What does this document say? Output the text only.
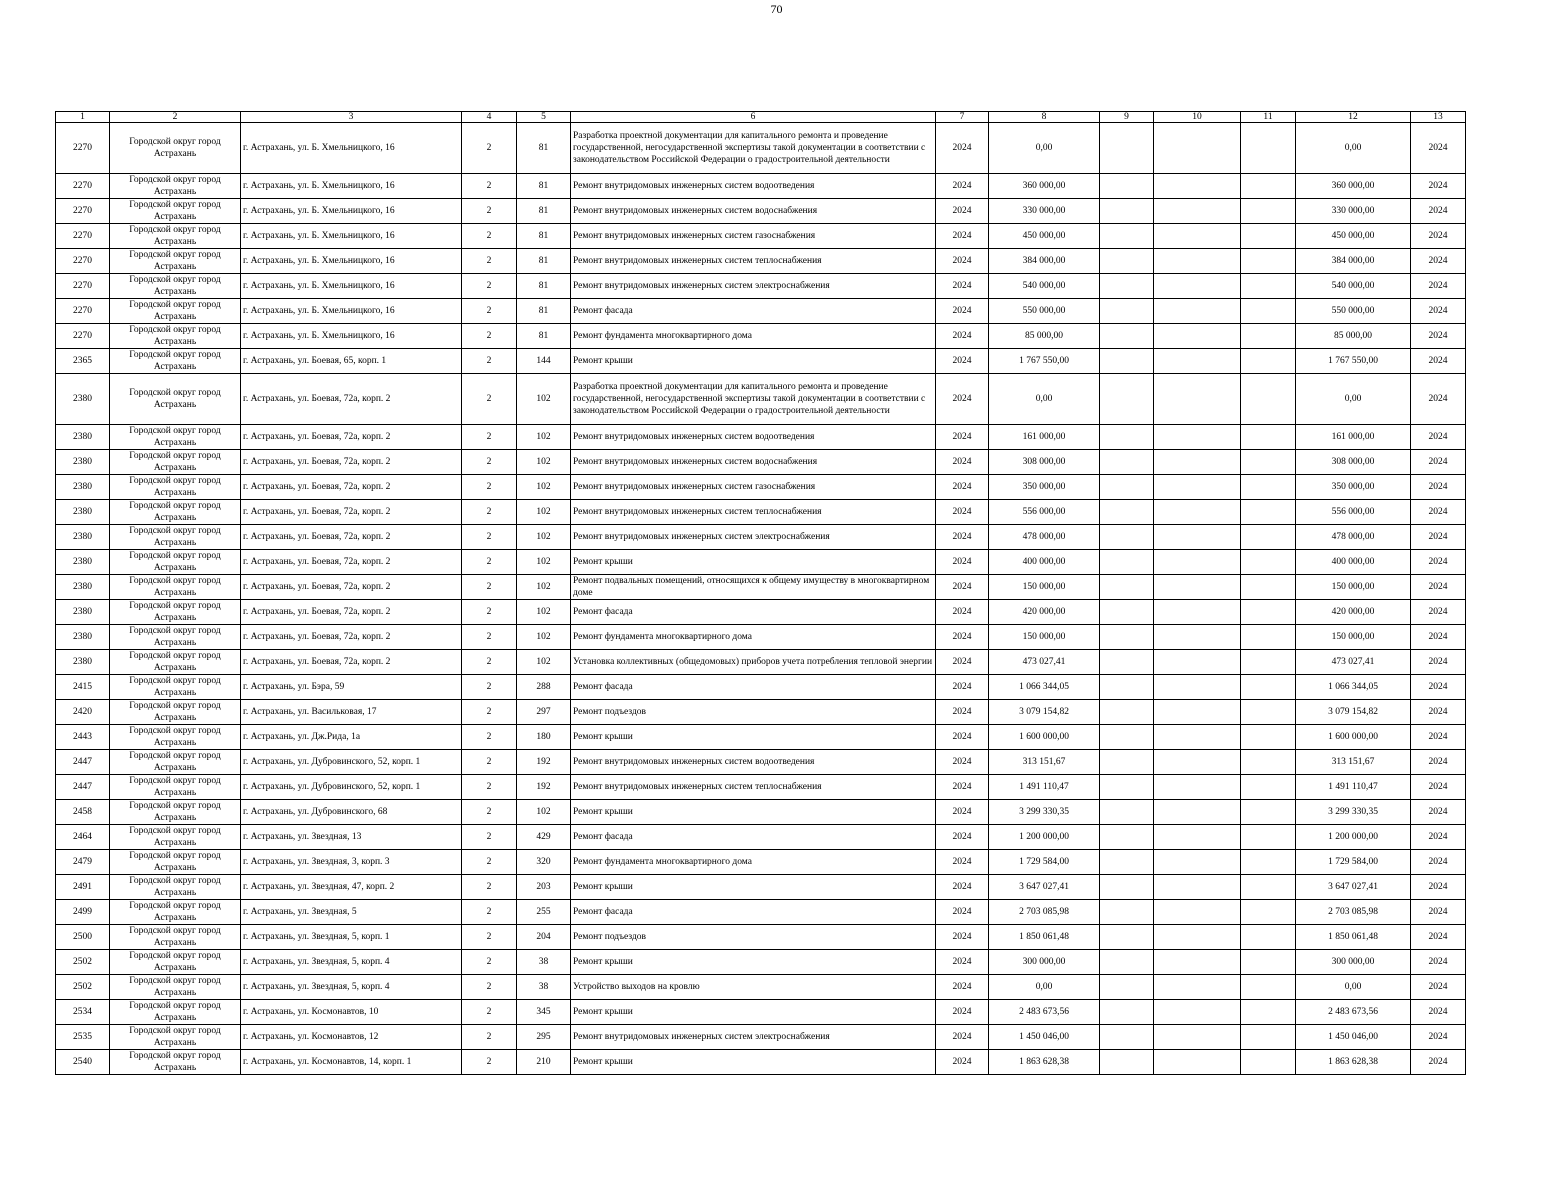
70
1	2	3	4	5	6	7	8	9	10	11	12	13
2270	Городской округ город Астрахань	г. Астрахань, ул. Б. Хмельницкого, 16	2	81	Разработка проектной документации для капитального ремонта и проведение государственной, негосударственной экспертизы такой документации в соответствии с законодательством Российской Федерации о градостроительной деятельности	2024	0,00				0,00	2024
2270	Городской округ город Астрахань	г. Астрахань, ул. Б. Хмельницкого, 16	2	81	Ремонт внутридомовых инженерных систем водоотведения	2024	360 000,00				360 000,00	2024
2270	Городской округ город Астрахань	г. Астрахань, ул. Б. Хмельницкого, 16	2	81	Ремонт внутридомовых инженерных систем водоснабжения	2024	330 000,00				330 000,00	2024
2270	Городской округ город Астрахань	г. Астрахань, ул. Б. Хмельницкого, 16	2	81	Ремонт внутридомовых инженерных систем газоснабжения	2024	450 000,00				450 000,00	2024
2270	Городской округ город Астрахань	г. Астрахань, ул. Б. Хмельницкого, 16	2	81	Ремонт внутридомовых инженерных систем теплоснабжения	2024	384 000,00				384 000,00	2024
2270	Городской округ город Астрахань	г. Астрахань, ул. Б. Хмельницкого, 16	2	81	Ремонт внутридомовых инженерных систем электроснабжения	2024	540 000,00				540 000,00	2024
2270	Городской округ город Астрахань	г. Астрахань, ул. Б. Хмельницкого, 16	2	81	Ремонт фасада	2024	550 000,00				550 000,00	2024
2270	Городской округ город Астрахань	г. Астрахань, ул. Б. Хмельницкого, 16	2	81	Ремонт фундамента многоквартирного дома	2024	85 000,00				85 000,00	2024
2365	Городской округ город Астрахань	г. Астрахань, ул. Боевая, 65, корп. 1	2	144	Ремонт крыши	2024	1 767 550,00				1 767 550,00	2024
2380	Городской округ город Астрахань	г. Астрахань, ул. Боевая, 72а, корп. 2	2	102	Разработка проектной документации для капитального ремонта и проведение государственной, негосударственной экспертизы такой документации в соответствии с законодательством Российской Федерации о градостроительной деятельности	2024	0,00				0,00	2024
2380	Городской округ город Астрахань	г. Астрахань, ул. Боевая, 72а, корп. 2	2	102	Ремонт внутридомовых инженерных систем водоотведения	2024	161 000,00				161 000,00	2024
2380	Городской округ город Астрахань	г. Астрахань, ул. Боевая, 72а, корп. 2	2	102	Ремонт внутридомовых инженерных систем водоснабжения	2024	308 000,00				308 000,00	2024
2380	Городской округ город Астрахань	г. Астрахань, ул. Боевая, 72а, корп. 2	2	102	Ремонт внутридомовых инженерных систем газоснабжения	2024	350 000,00				350 000,00	2024
2380	Городской округ город Астрахань	г. Астрахань, ул. Боевая, 72а, корп. 2	2	102	Ремонт внутридомовых инженерных систем теплоснабжения	2024	556 000,00				556 000,00	2024
2380	Городской округ город Астрахань	г. Астрахань, ул. Боевая, 72а, корп. 2	2	102	Ремонт внутридомовых инженерных систем электроснабжения	2024	478 000,00				478 000,00	2024
2380	Городской округ город Астрахань	г. Астрахань, ул. Боевая, 72а, корп. 2	2	102	Ремонт крыши	2024	400 000,00				400 000,00	2024
2380	Городской округ город Астрахань	г. Астрахань, ул. Боевая, 72а, корп. 2	2	102	Ремонт подвальных помещений, относящихся к общему имуществу в многоквартирном доме	2024	150 000,00				150 000,00	2024
2380	Городской округ город Астрахань	г. Астрахань, ул. Боевая, 72а, корп. 2	2	102	Ремонт фасада	2024	420 000,00				420 000,00	2024
2380	Городской округ город Астрахань	г. Астрахань, ул. Боевая, 72а, корп. 2	2	102	Ремонт фундамента многоквартирного дома	2024	150 000,00				150 000,00	2024
2380	Городской округ город Астрахань	г. Астрахань, ул. Боевая, 72а, корп. 2	2	102	Установка коллективных (общедомовых) приборов учета потребления тепловой энергии	2024	473 027,41				473 027,41	2024
2415	Городской округ город Астрахань	г. Астрахань, ул. Бэра, 59	2	288	Ремонт фасада	2024	1 066 344,05				1 066 344,05	2024
2420	Городской округ город Астрахань	г. Астрахань, ул. Васильковая, 17	2	297	Ремонт подъездов	2024	3 079 154,82				3 079 154,82	2024
2443	Городской округ город Астрахань	г. Астрахань, ул. Дж.Рида, 1а	2	180	Ремонт крыши	2024	1 600 000,00				1 600 000,00	2024
2447	Городской округ город Астрахань	г. Астрахань, ул. Дубровинского, 52, корп. 1	2	192	Ремонт внутридомовых инженерных систем водоотведения	2024	313 151,67				313 151,67	2024
2447	Городской округ город Астрахань	г. Астрахань, ул. Дубровинского, 52, корп. 1	2	192	Ремонт внутридомовых инженерных систем теплоснабжения	2024	1 491 110,47				1 491 110,47	2024
2458	Городской округ город Астрахань	г. Астрахань, ул. Дубровинского, 68	2	102	Ремонт крыши	2024	3 299 330,35				3 299 330,35	2024
2464	Городской округ город Астрахань	г. Астрахань, ул. Звездная, 13	2	429	Ремонт фасада	2024	1 200 000,00				1 200 000,00	2024
2479	Городской округ город Астрахань	г. Астрахань, ул. Звездная, 3, корп. 3	2	320	Ремонт фундамента многоквартирного дома	2024	1 729 584,00				1 729 584,00	2024
2491	Городской округ город Астрахань	г. Астрахань, ул. Звездная, 47, корп. 2	2	203	Ремонт крыши	2024	3 647 027,41				3 647 027,41	2024
2499	Городской округ город Астрахань	г. Астрахань, ул. Звездная, 5	2	255	Ремонт фасада	2024	2 703 085,98				2 703 085,98	2024
2500	Городской округ город Астрахань	г. Астрахань, ул. Звездная, 5, корп. 1	2	204	Ремонт подъездов	2024	1 850 061,48				1 850 061,48	2024
2502	Городской округ город Астрахань	г. Астрахань, ул. Звездная, 5, корп. 4	2	38	Ремонт крыши	2024	300 000,00				300 000,00	2024
2502	Городской округ город Астрахань	г. Астрахань, ул. Звездная, 5, корп. 4	2	38	Устройство выходов на кровлю	2024	0,00				0,00	2024
2534	Городской округ город Астрахань	г. Астрахань, ул. Космонавтов, 10	2	345	Ремонт крыши	2024	2 483 673,56				2 483 673,56	2024
2535	Городской округ город Астрахань	г. Астрахань, ул. Космонавтов, 12	2	295	Ремонт внутридомовых инженерных систем электроснабжения	2024	1 450 046,00				1 450 046,00	2024
2540	Городской округ город Астрахань	г. Астрахань, ул. Космонавтов, 14, корп. 1	2	210	Ремонт крыши	2024	1 863 628,38				1 863 628,38	2024
